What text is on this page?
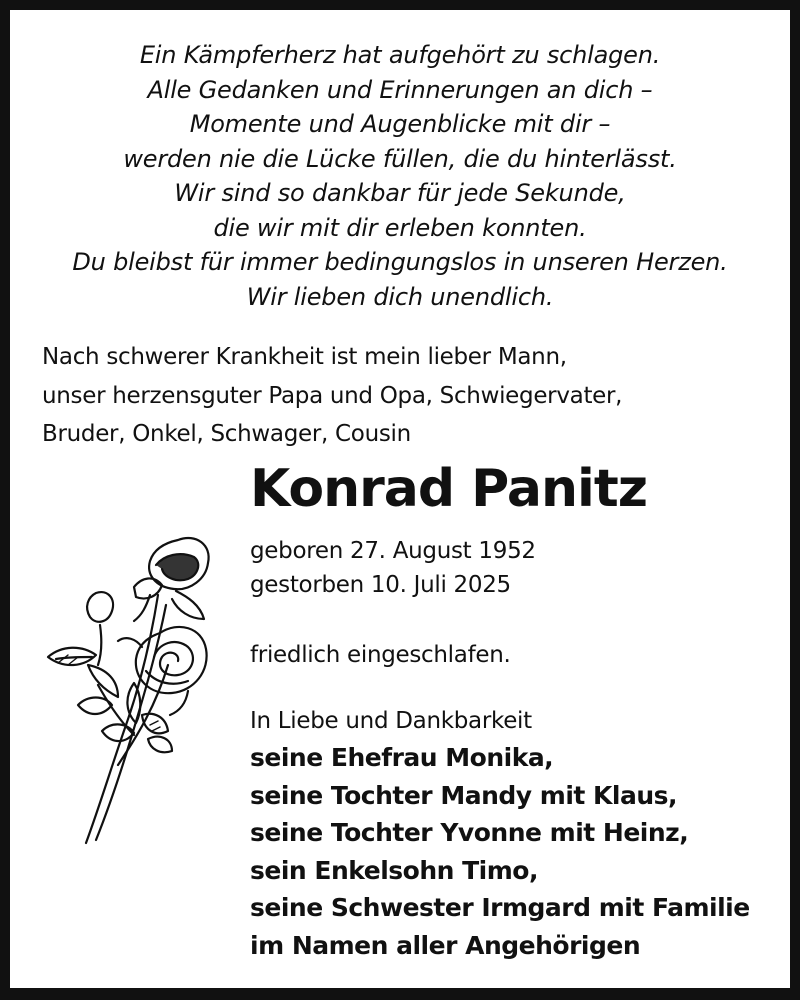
Ein Kämpferherz hat aufgehört zu schlagen.
Alle Gedanken und Erinnerungen an dich –
Momente und Augenblicke mit dir –
werden nie die Lücke füllen, die du hinterlässt.
Wir sind so dankbar für jede Sekunde,
die wir mit dir erleben konnten.
Du bleibst für immer bedingungslos in unseren Herzen.
Wir lieben dich unendlich.
Nach schwerer Krankheit ist mein lieber Mann,
unser herzensguter Papa und Opa, Schwiegervater,
Bruder, Onkel, Schwager, Cousin
Konrad Panitz
geboren 27. August 1952
gestorben 10. Juli 2025
friedlich eingeschlafen.
In Liebe und Dankbarkeit
seine Ehefrau Monika,
seine Tochter Mandy mit Klaus,
seine Tochter Yvonne mit Heinz,
sein Enkelsohn Timo,
seine Schwester Irmgard mit Familie
im Namen aller Angehörigen
